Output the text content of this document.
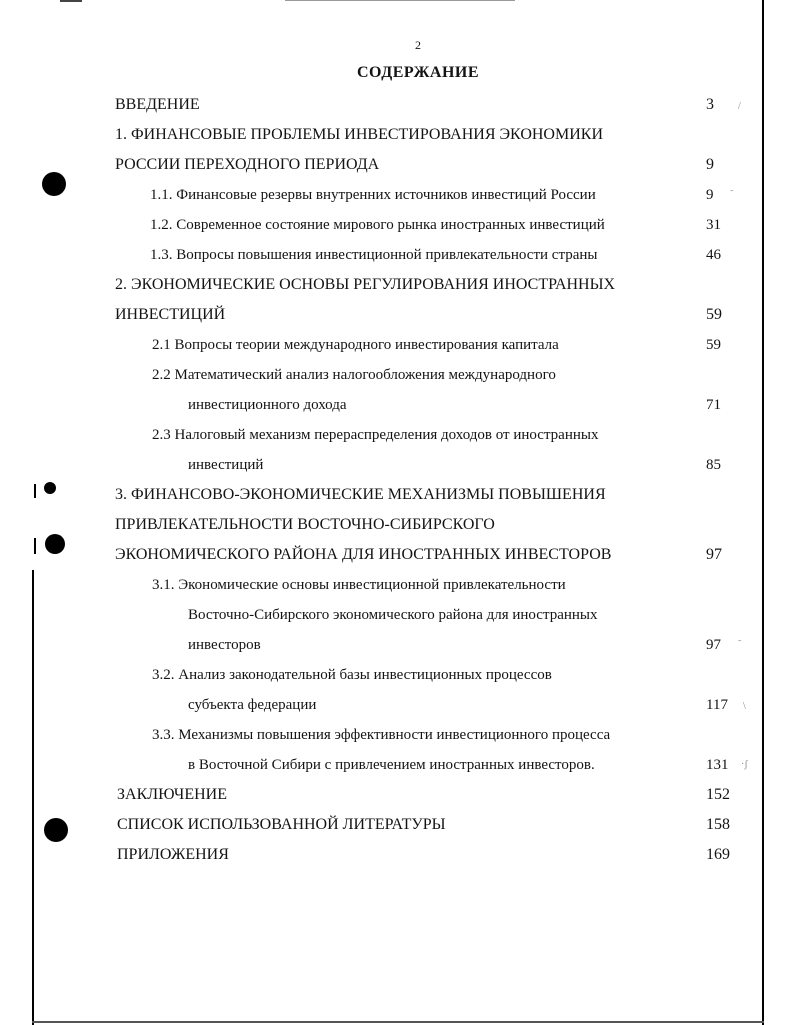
2
СОДЕРЖАНИЕ
ВВЕДЕНИЕ	3	/
1. ФИНАНСОВЫЕ ПРОБЛЕМЫ ИНВЕСТИРОВАНИЯ ЭКОНОМИКИ
РОССИИ ПЕРЕХОДНОГО ПЕРИОДА	9
1.1. Финансовые резервы внутренних источников инвестиций России	9	˜
1.2. Современное состояние мирового рынка иностранных инвестиций	31
1.3. Вопросы повышения инвестиционной привлекательности страны	46
2. ЭКОНОМИЧЕСКИЕ ОСНОВЫ РЕГУЛИРОВАНИЯ ИНОСТРАННЫХ
ИНВЕСТИЦИЙ	59
2.1 Вопросы теории международного инвестирования капитала	59
2.2 Математический анализ налогообложения международного
инвестиционного дохода	71
2.3 Налоговый механизм перераспределения доходов от иностранных
инвестиций	85
3. ФИНАНСОВО-ЭКОНОМИЧЕСКИЕ МЕХАНИЗМЫ ПОВЫШЕНИЯ
ПРИВЛЕКАТЕЛЬНОСТИ ВОСТОЧНО-СИБИРСКОГО
ЭКОНОМИЧЕСКОГО РАЙОНА ДЛЯ ИНОСТРАННЫХ ИНВЕСТОРОВ	97
3.1. Экономические основы инвестиционной привлекательности
Восточно-Сибирского экономического района для иностранных
инвесторов	97	˜
3.2. Анализ законодательной базы инвестиционных процессов
субъекта федерации	117	\
3.3. Механизмы повышения эффективности инвестиционного процесса
в Восточной Сибири с привлечением иностранных инвесторов.	131	·ʃ
ЗАКЛЮЧЕНИЕ	152
СПИСОК ИСПОЛЬЗОВАННОЙ ЛИТЕРАТУРЫ	158
ПРИЛОЖЕНИЯ	169
